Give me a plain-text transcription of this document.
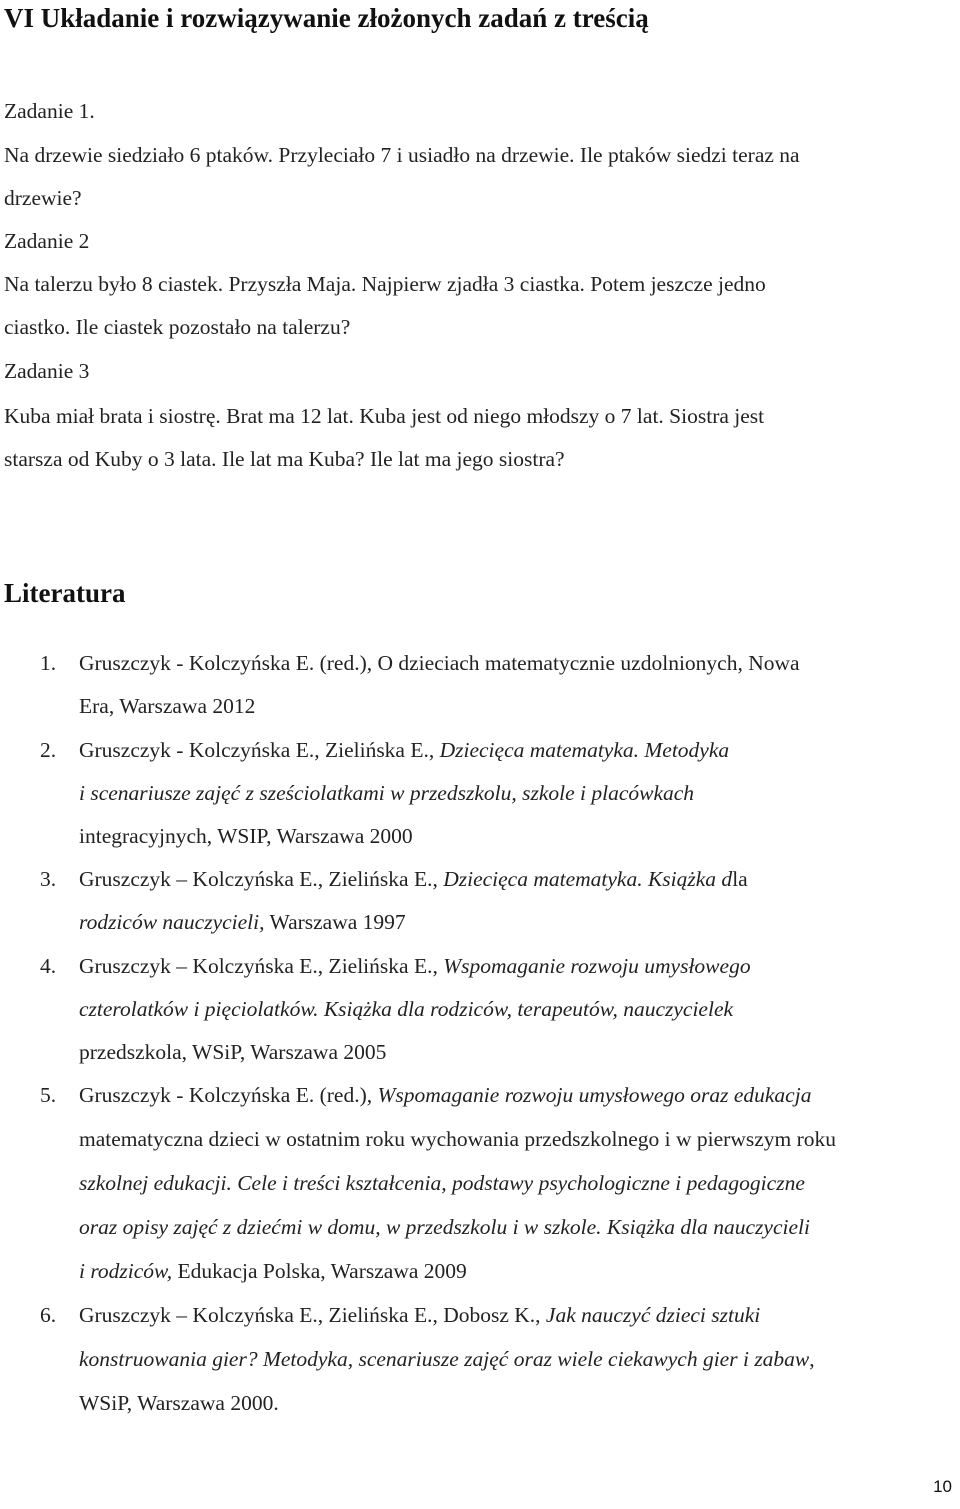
VI Układanie i rozwiązywanie złożonych zadań z treścią
Zadanie 1.
Na drzewie siedziało 6 ptaków. Przyleciało 7 i usiadło na drzewie. Ile ptaków siedzi teraz na
drzewie?
Zadanie 2
Na talerzu było 8 ciastek. Przyszła Maja. Najpierw zjadła 3 ciastka. Potem jeszcze jedno
ciastko. Ile ciastek pozostało na talerzu?
Zadanie 3
Kuba miał brata i siostrę. Brat ma 12 lat. Kuba jest od niego młodszy o 7 lat. Siostra jest
starsza od Kuby o 3 lata. Ile lat ma Kuba? Ile lat ma jego siostra?
Literatura
1. Gruszczyk - Kolczyńska E. (red.), O dzieciach matematycznie uzdolnionych, Nowa
Era, Warszawa 2012
2. Gruszczyk - Kolczyńska E., Zielińska E., Dziecięca matematyka. Metodyka
i scenariusze zajęć z sześciolatkami w przedszkolu, szkole i placówkach
integracyjnych, WSIP, Warszawa 2000
3. Gruszczyk – Kolczyńska E., Zielińska E., Dziecięca matematyka. Książka dla
rodziców nauczycieli, Warszawa 1997
4. Gruszczyk – Kolczyńska E., Zielińska E., Wspomaganie rozwoju umysłowego
czterolatków i pięciolatków. Książka dla rodziców, terapeutów, nauczycielek
przedszkola, WSiP, Warszawa 2005
5. Gruszczyk - Kolczyńska E. (red.), Wspomaganie rozwoju umysłowego oraz edukacja
matematyczna dzieci w ostatnim roku wychowania przedszkolnego i w pierwszym roku
szkolnej edukacji. Cele i treści kształcenia, podstawy psychologiczne i pedagogiczne
oraz opisy zajęć z dziećmi w domu, w przedszkolu i w szkole. Książka dla nauczycieli
i rodziców, Edukacja Polska, Warszawa 2009
6. Gruszczyk – Kolczyńska E., Zielińska E., Dobosz K., Jak nauczyć dzieci sztuki
konstruowania gier? Metodyka, scenariusze zajęć oraz wiele ciekawych gier i zabaw,
WSiP, Warszawa 2000.
10
